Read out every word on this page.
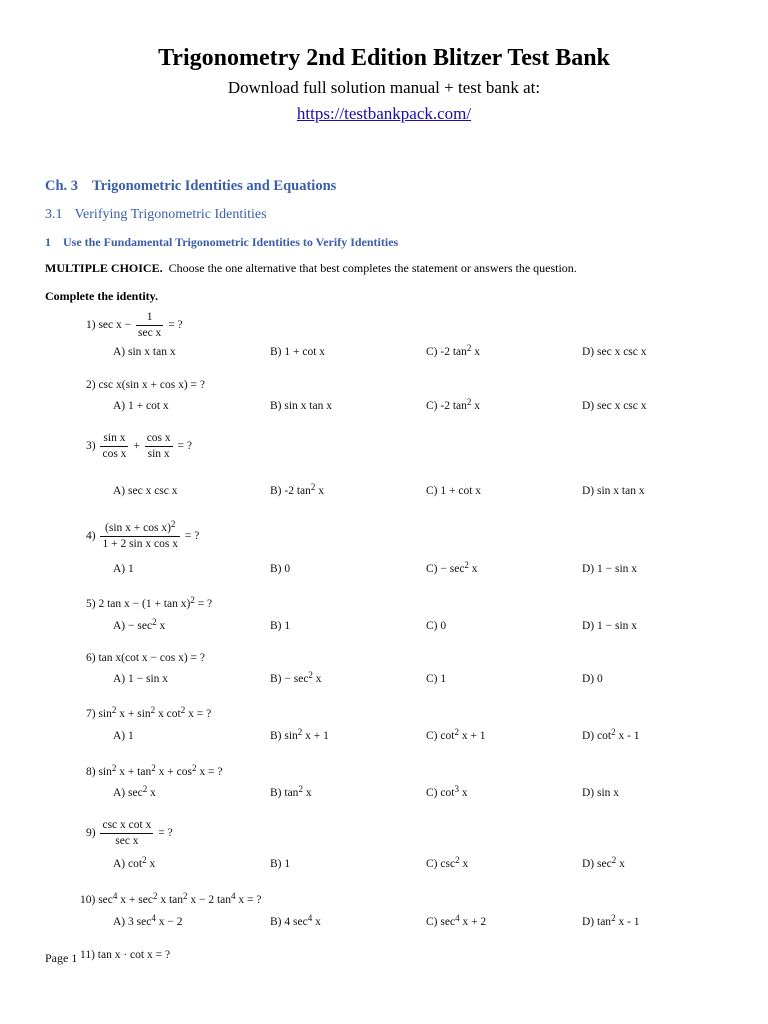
Trigonometry 2nd Edition Blitzer Test Bank
Download full solution manual + test bank at:
https://testbankpack.com/
Ch. 3 Trigonometric Identities and Equations
3.1 Verifying Trigonometric Identities
1 Use the Fundamental Trigonometric Identities to Verify Identities
MULTIPLE CHOICE. Choose the one alternative that best completes the statement or answers the question.
Complete the identity.
1) $\sec x - \frac{1}{\text{sec x}}$ = ?
A) sin x tan x	B) 1 + cot x	C) -2 $\tan^2 x$	D) sec x csc x
2) csc x(sin x + cos x) = ?
A) 1 + cot x	B) sin x tan x	C) -2 $\tan^2 x$	D) sec x csc x
$3) \frac{\text{sin x}}{\text{cos x}} + \frac{\text{cos x}}{\text{sin x}}$ = ?
A) sec x csc x	B) -2 $\tan^2 x$	C) 1 + cot x	D) sin x tan x
$4) \frac{(\sin x + \cos x)^2}{\text{1 + 2 sin x cos x}}$ = ?
A) 1	B) 0	$C) - \sec^2 x$	D) 1 − sin x
5) 2 $\tan x - (1 + \tan x)^2$ = ?
$A) - \sec^2 x$	B) 1	C) 0	D) 1 − sin x
6) tan x(cot x − cos x) = ?
A) 1 − sin x	$B) - \sec^2 x$	C) 1	D) 0
7) $\sin^2 x + \sin^2 x$ $\cot^2 x$ = ?
A) 1	B) $\sin^2 x + 1$	C) $\cot^2 x + 1$	D) $\cot^2 x - 1$
8) $\sin^2 x + \tan^2 x + \cos^2 x$ = ?
A) $\sec^2 x$	B) $\tan^2 x$	C) $\cot^3 x$	D) sin x
$9) \frac{\text{csc x cot x}}{\text{sec x}}$ = ?
A) $\cot^2 x$	B) 1	C) $\csc^2 x$	D) $\sec^2 x$
10) $\sec^4 x + \sec^2 x$ $\tan^2 x - 2$ $\tan^4 x$ = ?
A) 3 $\sec^4 x - 2$	B) 4 $\sec^4 x$	C) $\sec^4 x + 2$	D) $\tan^2 x - 1$
11) tan x · cot x = ?
Page 1
